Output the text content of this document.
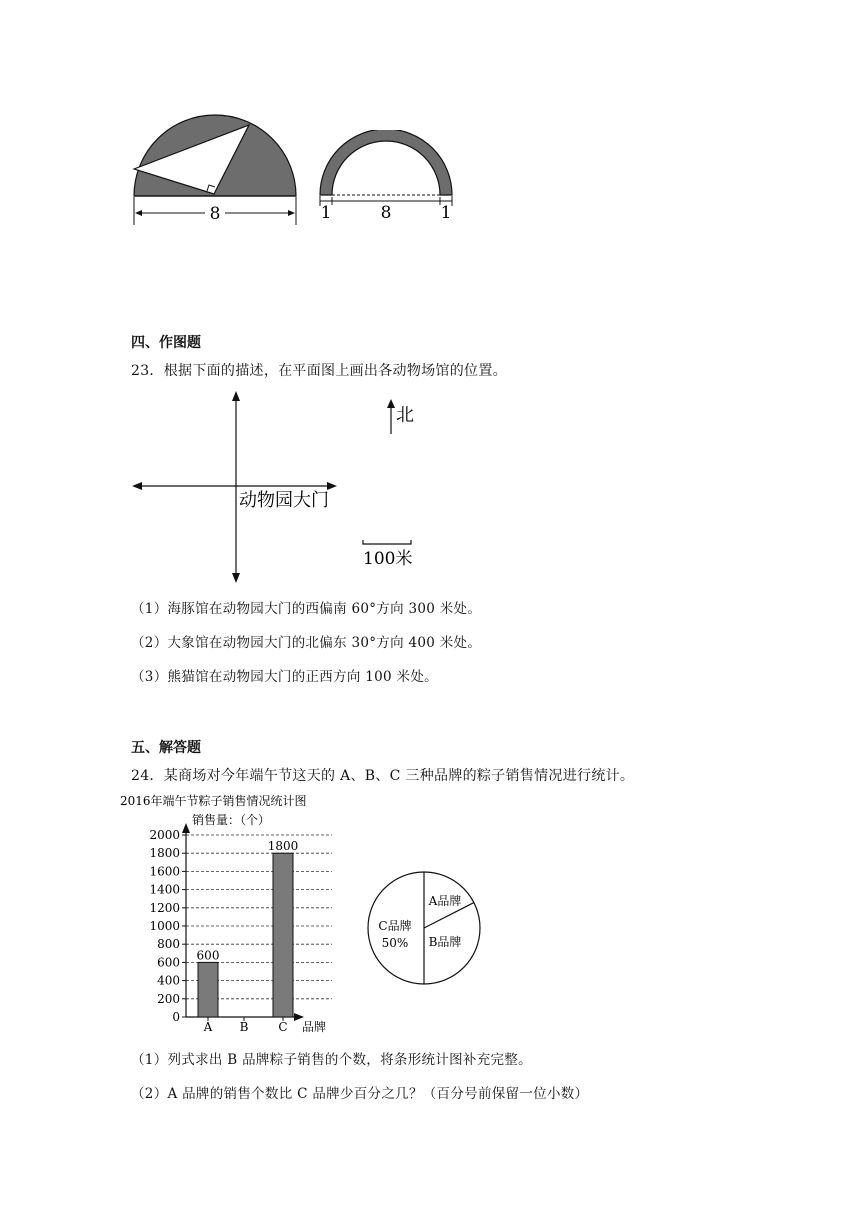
8	1	8	1
四、作图题
23．根据下面的描述，在平面图上画出各动物场馆的位置。
北
动物园大门
100米
（1）海豚馆在动物园大门的西偏南 60°方向 300 米处。
（2）大象馆在动物园大门的北偏东 30°方向 400 米处。
（3）熊猫馆在动物园大门的正西方向 100 米处。
五、解答题
24．某商场对今年端午节这天的 A、B、C 三种品牌的粽子销售情况进行统计。
2016年端午节粽子销售情况统计图
销售量：（个）
0
200
400
600
800
1000
1200
1400
1600
1800
2000
品牌
600
A B
1800
C
A品牌
B品牌
C品牌
50%
（1）列式求出 B 品牌粽子销售的个数，将条形统计图补充完整。
（2）A 品牌的销售个数比 C 品牌少百分之几？（百分号前保留一位小数）
